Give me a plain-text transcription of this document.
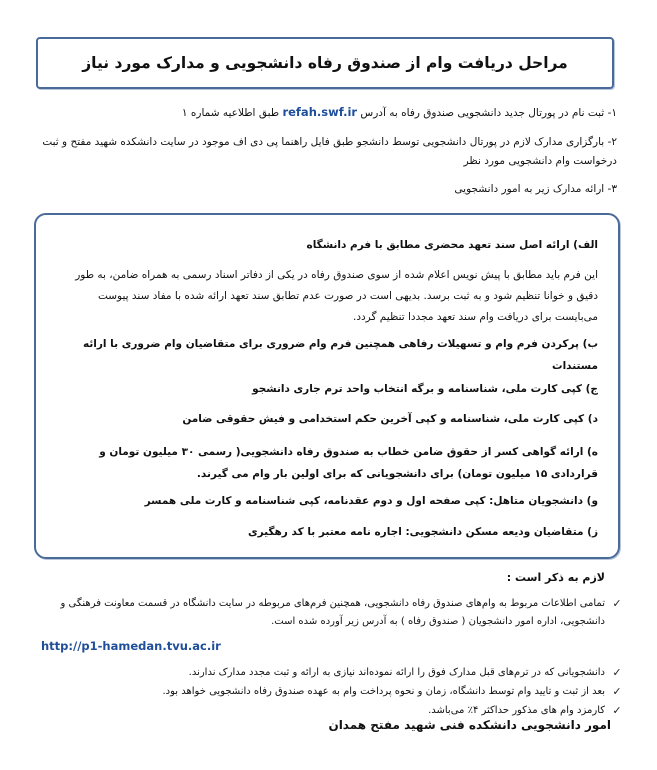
مراحل دریافت وام از صندوق رفاه دانشجویی و مدارک مورد نیاز
۱- ثبت نام در پورتال جدید دانشجویی صندوق رفاه به آدرس refah.swf.ir طبق اطلاعیه شماره ۱
۲- بارگزاری مدارک لازم در پورتال دانشجویی توسط دانشجو طبق فایل راهنما پی دی اف موجود در سایت دانشکده شهید مفتح و ثبت درخواست وام دانشجویی مورد نظر
۳- ارائه مدارک زیر به امور دانشجویی
الف) ارائه اصل سند تعهد محضری مطابق با فرم دانشگاه
این فرم باید مطابق با پیش نویس اعلام شده از سوی صندوق رفاه در یکی از دفاتر اسناد رسمی به همراه ضامن، به طور دقیق و خوانا تنظیم شود و به ثبت برسد. بدیهی است در صورت عدم تطابق سند تعهد ارائه شده با مفاد سند پیوست می‌بایست برای دریافت وام سند تعهد مجددا تنظیم گردد.
ب) پرکردن فرم وام و تسهیلات رفاهی همچنین فرم وام ضروری برای متقاضیان وام ضروری با ارائه مستندات
ج) کپی کارت ملی، شناسنامه و برگه انتخاب واحد ترم جاری دانشجو
د) کپی کارت ملی، شناسنامه و کپی آخرین حکم استخدامی و فیش حقوقی ضامن
ه) ارائه گواهی کسر از حقوق ضامن خطاب به صندوق رفاه دانشجویی( رسمی ۳۰ میلیون تومان و قراردادی ۱۵ میلیون تومان) برای دانشجویانی که برای اولین بار وام می گیرند.
و) دانشجویان متاهل: کپی صفحه اول و دوم عقدنامه، کپی شناسنامه و کارت ملی همسر
ز) متقاضیان ودیعه مسکن دانشجویی: اجاره نامه معتبر با کد رهگیری
لازم به ذکر است :
✓
تمامی اطلاعات مربوط به وام‌های صندوق رفاه دانشجویی، همچنین فرم‌های مربوطه در سایت دانشگاه در قسمت معاونت فرهنگی و دانشجویی، اداره امور دانشجویان ( صندوق رفاه ) به آدرس زیر آورده شده است.
http://p1-hamedan.tvu.ac.ir
✓
دانشجویانی که در ترم‌های قبل مدارک فوق را ارائه نموده‌اند نیازی به ارائه و ثبت مجدد مدارک ندارند.
✓
بعد از ثبت و تایید وام توسط دانشگاه، زمان و نحوه پرداخت وام به عهده صندوق رفاه دانشجویی خواهد بود.
✓
کارمزد وام های مذکور حداکثر ۴٪ می‌باشد.
امور دانشجویی دانشکده فنی شهید مفتح همدان
